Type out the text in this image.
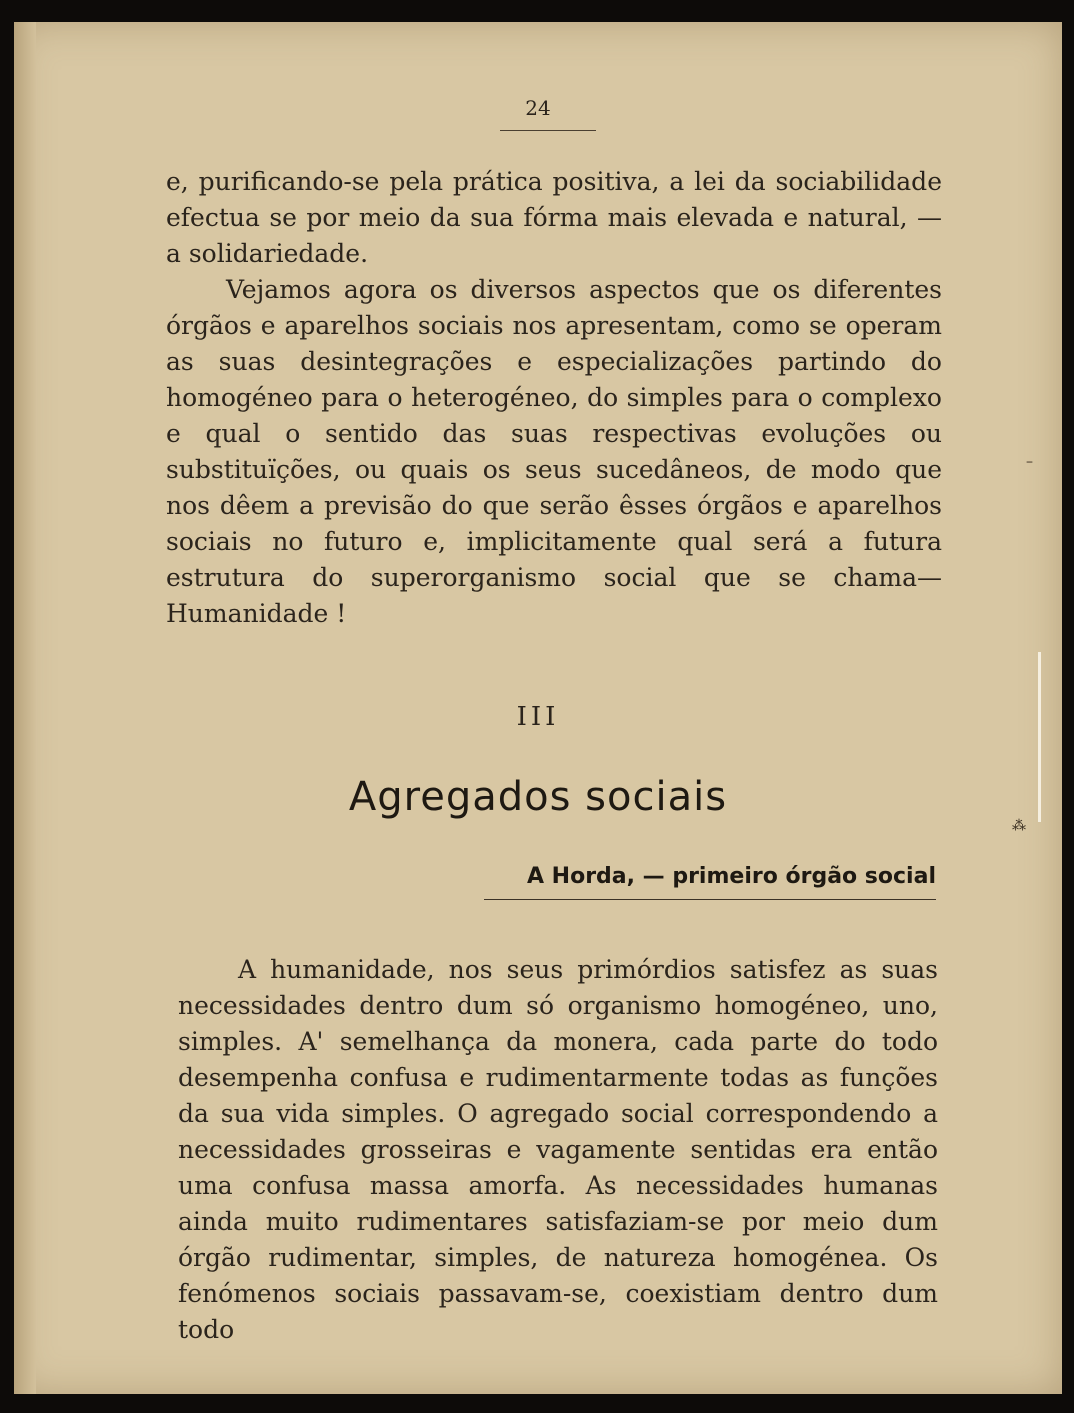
24

e, purificando-se pela prática positiva, a lei da sociabilidade efectua se por meio da sua fórma mais elevada e natural, — a solidariedade.

Vejamos agora os diversos aspectos que os diferentes órgãos e aparelhos sociais nos apresentam, como se operam as suas desintegrações e especializações partindo do homogéneo para o heterogéneo, do simples para o complexo e qual o sentido das suas respectivas evoluções ou substituïções, ou quais os seus sucedâneos, de modo que nos dêem a previsão do que serão êsses órgãos e aparelhos sociais no futuro e, implicitamente qual será a futura estrutura do superorganismo social que se chama—Humanidade !

III
Agregados sociais
A Horda, — primeiro órgão social

A humanidade, nos seus primórdios satisfez as suas necessidades dentro dum só organismo homogéneo, uno, simples. A' semelhança da monera, cada parte do todo desempenha confusa e rudimentarmente todas as funções da sua vida simples. O agregado social correspondendo a necessidades grosseiras e vagamente sentidas era então uma confusa massa amorfa. As necessidades humanas ainda muito rudimentares satisfaziam-se por meio dum órgão rudimentar, simples, de natureza homogénea. Os fenómenos sociais passavam-se, coexistiam dentro dum todo

–
⁂
